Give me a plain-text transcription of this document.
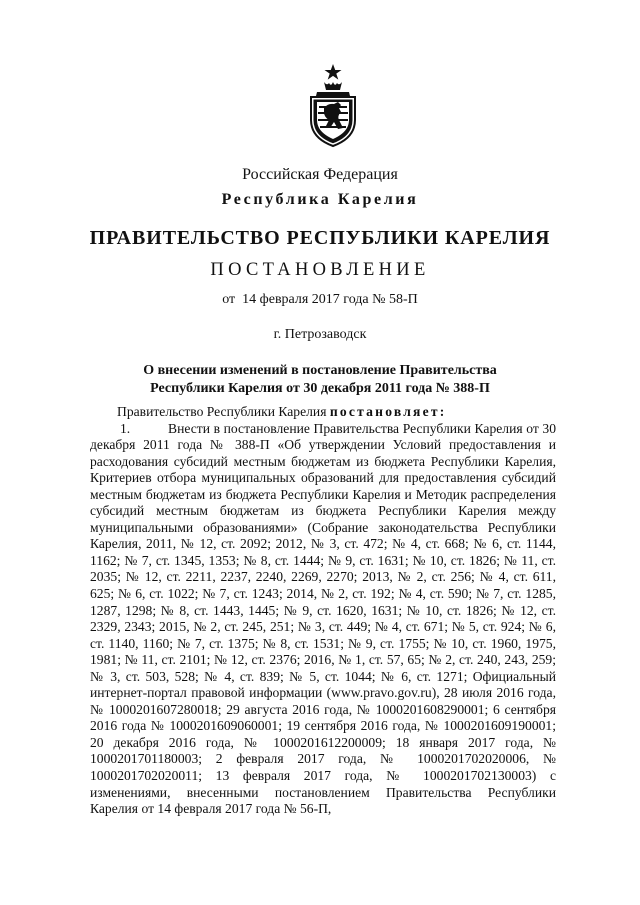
Российская Федерация
Республика Карелия
ПРАВИТЕЛЬСТВО РЕСПУБЛИКИ КАРЕЛИЯ
ПОСТАНОВЛЕНИЕ
от  14 февраля 2017 года № 58-П
г. Петрозаводск
О внесении изменений в постановление Правительства
Республики Карелия от 30 декабря 2011 года № 388-П

Правительство Республики Карелия постановляет:

1.	Внести в постановление Правительства Республики Карелия от 30 декабря 2011 года № 388-П «Об утверждении Условий предоставления и расходования субсидий местным бюджетам из бюджета Республики Карелия, Критериев отбора муниципальных образований для предоставления субсидий местным бюджетам из бюджета Республики Карелия и Методик распределения субсидий местным бюджетам из бюджета Республики Карелия между муниципальными образованиями» (Собрание законодательства Республики Карелия, 2011, № 12, ст. 2092; 2012, № 3, ст. 472; № 4, ст. 668; № 6, ст. 1144, 1162; № 7, ст. 1345, 1353; № 8, ст. 1444; № 9, ст. 1631; № 10, ст. 1826; № 11, ст. 2035; № 12, ст. 2211, 2237, 2240, 2269, 2270; 2013, № 2, ст. 256; № 4, ст. 611, 625; № 6, ст. 1022; № 7, ст. 1243; 2014, № 2, ст. 192; № 4, ст. 590; № 7, ст. 1285, 1287, 1298; № 8, ст. 1443, 1445; № 9, ст. 1620, 1631; № 10, ст. 1826; № 12, ст. 2329, 2343; 2015, № 2, ст. 245, 251; № 3, ст. 449; № 4, ст. 671; № 5, ст. 924; № 6, ст. 1140, 1160; № 7, ст. 1375; № 8, ст. 1531; № 9, ст. 1755; № 10, ст. 1960, 1975, 1981; № 11, ст. 2101; № 12, ст. 2376; 2016, № 1, ст. 57, 65; № 2, ст. 240, 243, 259; № 3, ст. 503, 528; № 4, ст. 839; № 5, ст. 1044; № 6, ст. 1271; Официальный интернет-портал правовой информации (www.pravo.gov.ru), 28 июля 2016 года, № 1000201607280018; 29 августа 2016 года, № 1000201608290001; 6 сентября 2016 года № 1000201609060001; 19 сентября 2016 года, № 1000201609190001; 20 декабря 2016 года, № 1000201612200009; 18 января 2017 года, № 1000201701180003; 2 февраля 2017 года, № 1000201702020006, № 1000201702020011; 13 февраля 2017 года, № 1000201702130003) с изменениями, внесенными постановлением Правительства Республики Карелия от 14 февраля 2017 года № 56-П,
